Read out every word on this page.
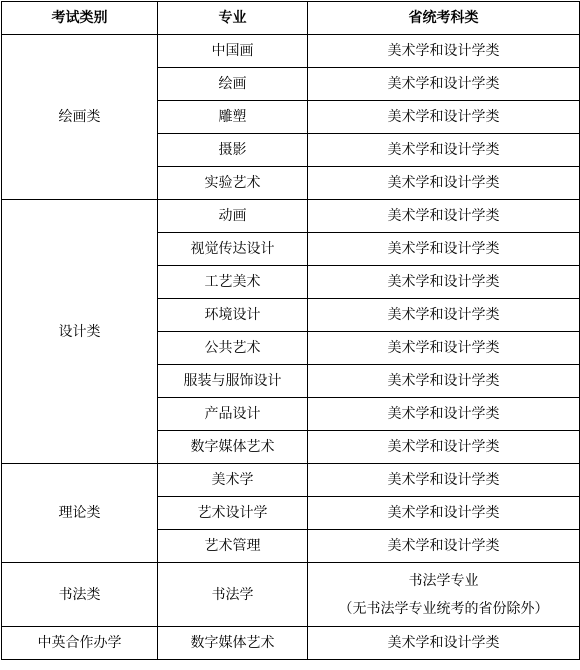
考试类别	专业	省统考科类
绘画类	中国画	美术学和设计学类
	绘画	美术学和设计学类
	雕塑	美术学和设计学类
	摄影	美术学和设计学类
	实验艺术	美术学和设计学类
设计类	动画	美术学和设计学类
	视觉传达设计	美术学和设计学类
	工艺美术	美术学和设计学类
	环境设计	美术学和设计学类
	公共艺术	美术学和设计学类
	服装与服饰设计	美术学和设计学类
	产品设计	美术学和设计学类
	数字媒体艺术	美术学和设计学类
理论类	美术学	美术学和设计学类
	艺术设计学	美术学和设计学类
	艺术管理	美术学和设计学类
书法类	书法学	书法学专业
（无书法学专业统考的省份除外）

中英合作办学	数字媒体艺术	美术学和设计学类
